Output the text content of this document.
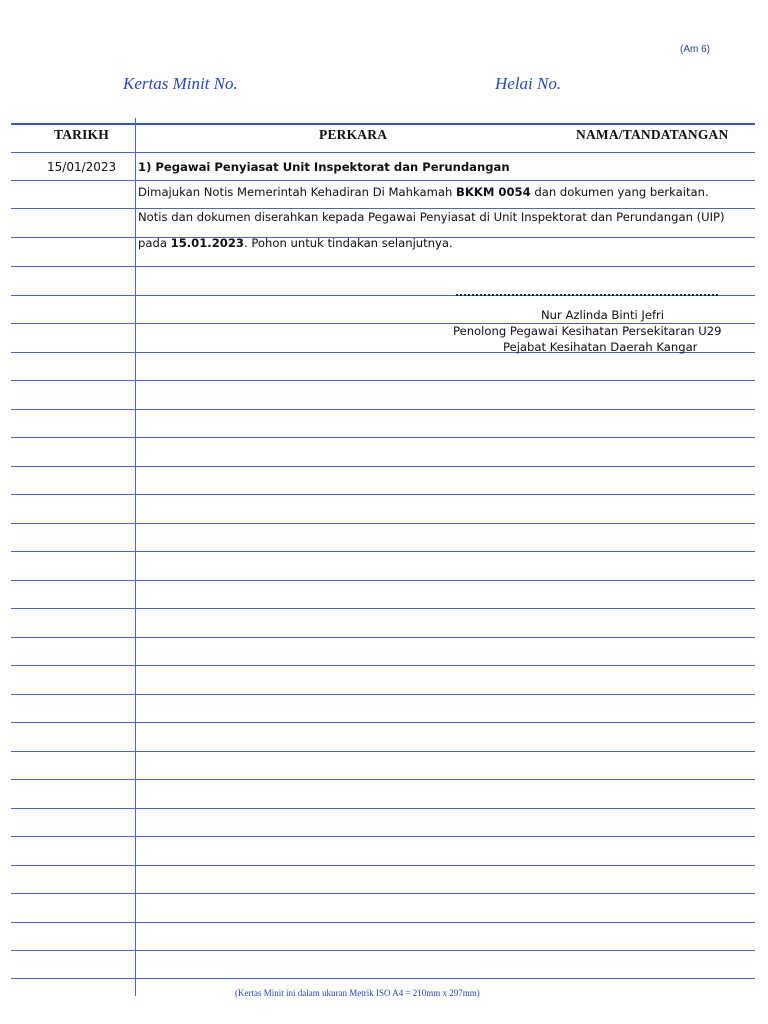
(Am 6)
Kertas Minit No.	Helai No.
TARIKH	PERKARA	NAMA/TANDATANGAN
15/01/2023 1) Pegawai Penyiasat Unit Inspektorat dan Perundangan
Dimajukan Notis Memerintah Kehadiran Di Mahkamah BKKM 0054 dan dokumen yang berkaitan.
Notis dan dokumen diserahkan kepada Pegawai Penyiasat di Unit Inspektorat dan Perundangan (UIP)
pada 15.01.2023. Pohon untuk tindakan selanjutnya.
Nur Azlinda Binti Jefri
Penolong Pegawai Kesihatan Persekitaran U29
Pejabat Kesihatan Daerah Kangar
(Kertas Minit ini dalam ukuran Metrik ISO A4 = 210mm x 297mm)
